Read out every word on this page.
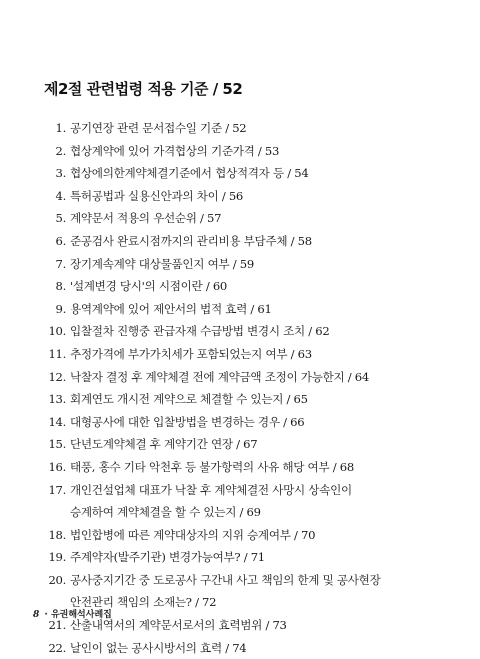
제2절 관련법령 적용 기준 / 52
1. 공기연장 관련 문서접수일 기준 / 52
2. 협상계약에 있어 가격협상의 기준가격 / 53
3. 협상에의한계약체결기준에서 협상적격자 등 / 54
4. 특허공법과 실용신안과의 차이 / 56
5. 계약문서 적용의 우선순위 / 57
6. 준공검사 완료시점까지의 관리비용 부담주체 / 58
7. 장기계속계약 대상물품인지 여부 / 59
8. '설계변경 당시'의 시점이란 / 60
9. 용역계약에 있어 제안서의 법적 효력 / 61
10. 입찰절차 진행중 관급자재 수급방법 변경시 조치 / 62
11. 추정가격에 부가가치세가 포함되었는지 여부 / 63
12. 낙찰자 결정 후 계약체결 전에 계약금액 조정이 가능한지 / 64
13. 회계연도 개시전 계약으로 체결할 수 있는지 / 65
14. 대형공사에 대한 입찰방법을 변경하는 경우 / 66
15. 단년도계약체결 후 계약기간 연장 / 67
16. 태풍, 홍수 기타 악천후 등 불가항력의 사유 해당 여부 / 68
17. 개인건설업체 대표가 낙찰 후 계약체결전 사망시 상속인이
승계하여 계약체결을 할 수 있는지 / 69
18. 법인합병에 따른 계약대상자의 지위 승계여부 / 70
19. 주계약자(발주기관) 변경가능여부? / 71
20. 공사중지기간 중 도로공사 구간내 사고 책임의 한계 및 공사현장
안전관리 책임의 소재는? / 72
21. 산출내역서의 계약문서로서의 효력범위 / 73
22. 날인이 없는 공사시방서의 효력 / 74
8 · 유권해석사례집
